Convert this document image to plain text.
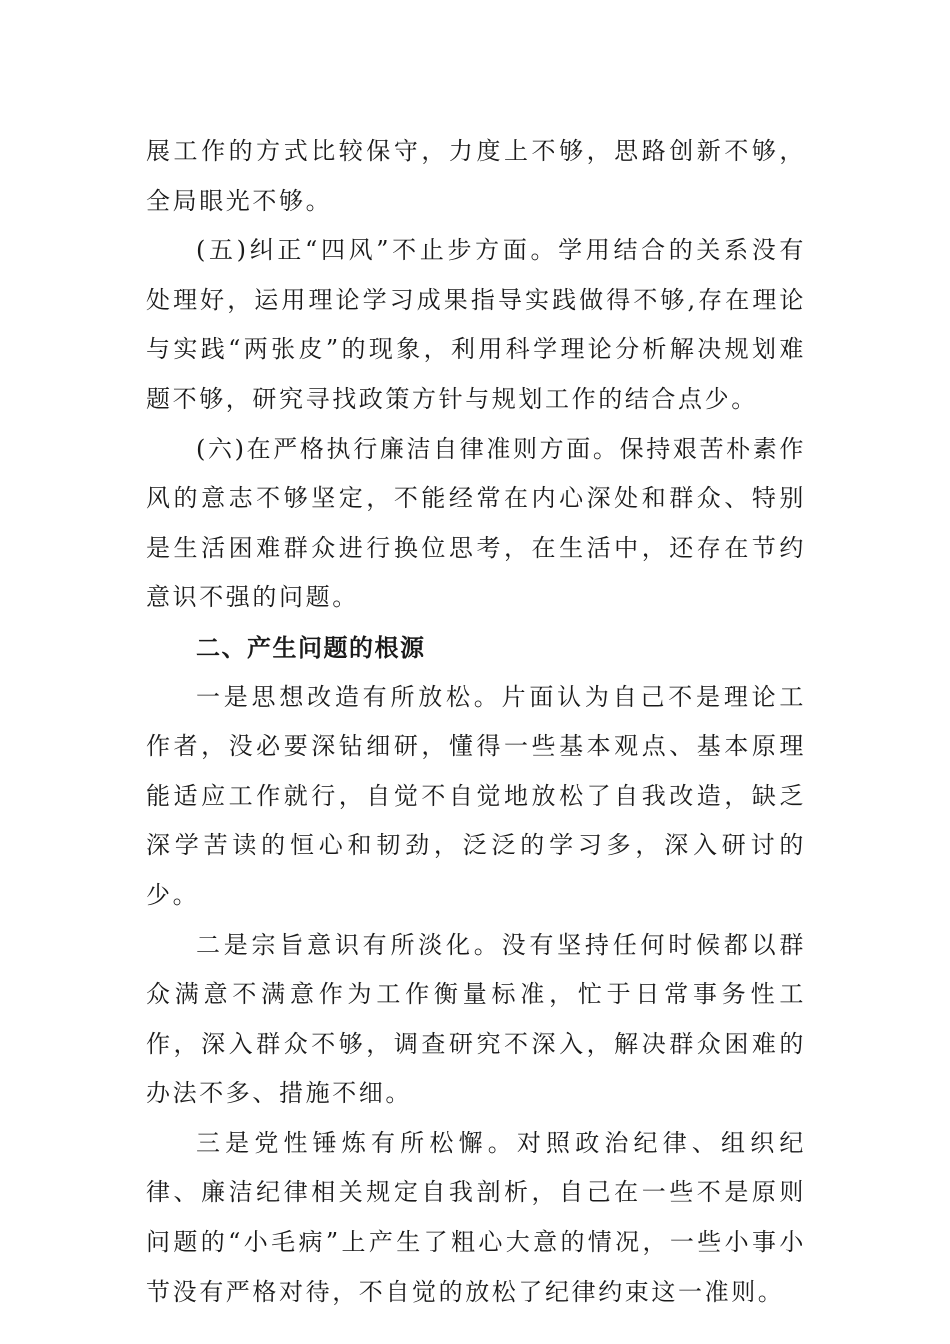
展工作的方式比较保守，力度上不够，思路创新不够，全局眼光不够。

(五)纠正“四风”不止步方面。学用结合的关系没有处理好，运用理论学习成果指导实践做得不够,存在理论与实践“两张皮”的现象，利用科学理论分析解决规划难题不够，研究寻找政策方针与规划工作的结合点少。

(六)在严格执行廉洁自律准则方面。保持艰苦朴素作风的意志不够坚定，不能经常在内心深处和群众、特别是生活困难群众进行换位思考，在生活中，还存在节约意识不强的问题。

二、产生问题的根源

一是思想改造有所放松。片面认为自己不是理论工作者，没必要深钻细研，懂得一些基本观点、基本原理能适应工作就行，自觉不自觉地放松了自我改造，缺乏深学苦读的恒心和韧劲，泛泛的学习多，深入研讨的少。

二是宗旨意识有所淡化。没有坚持任何时候都以群众满意不满意作为工作衡量标准，忙于日常事务性工作，深入群众不够，调查研究不深入，解决群众困难的办法不多、措施不细。

三是党性锤炼有所松懈。对照政治纪律、组织纪律、廉洁纪律相关规定自我剖析，自己在一些不是原则问题的“小毛病”上产生了粗心大意的情况，一些小事小节没有严格对待，不自觉的放松了纪律约束这一准则。
